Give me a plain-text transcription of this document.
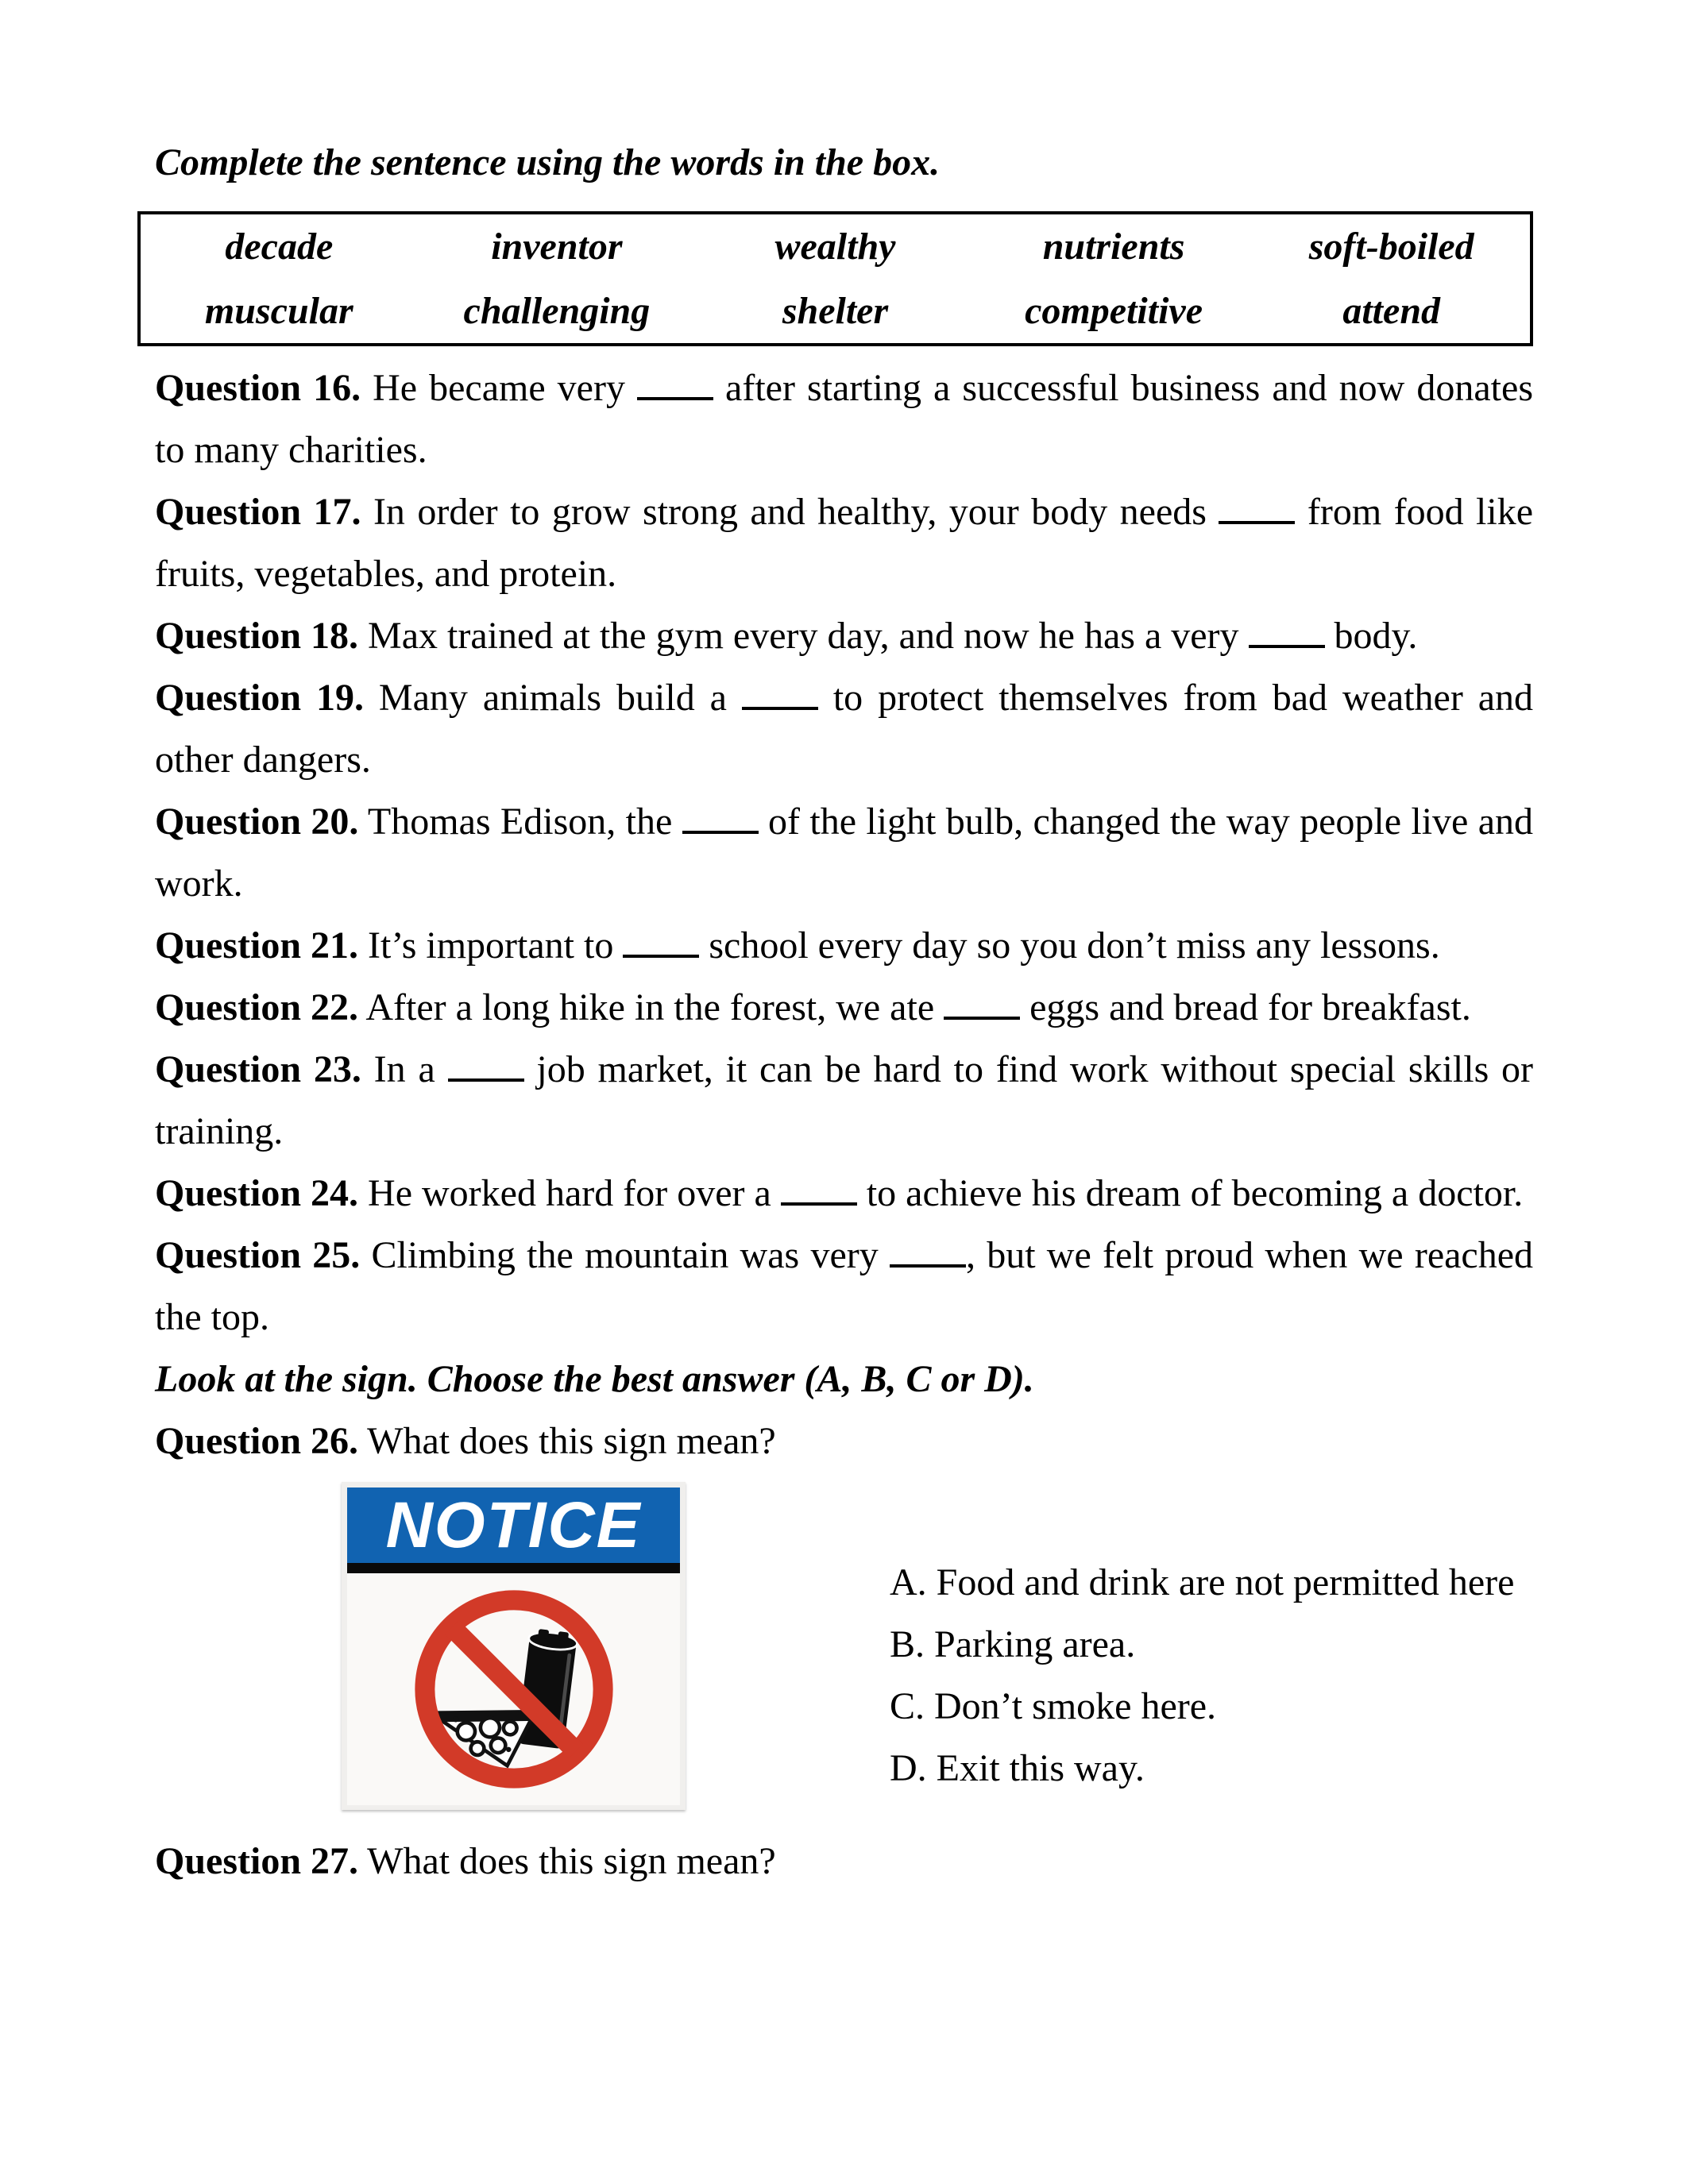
Complete the sentence using the words in the box.

decade	inventor	wealthy	nutrients	soft-boiled
muscular	challenging	shelter	competitive	attend

Question 16. He became very	after starting a successful business and now donates to many charities.

Question 17. In order to grow strong and healthy, your body needs	from food like fruits, vegetables, and protein.

Question 18. Max trained at the gym every day, and now he has a very	body.

Question 19. Many animals build a	to protect themselves from bad weather and other dangers.

Question 20. Thomas Edison, the	of the light bulb, changed the way people live and work.

Question 21. It’s important to	school every day so you don’t miss any lessons.

Question 22. After a long hike in the forest, we ate	eggs and bread for breakfast.

Question 23. In a	job market, it can be hard to find work without special skills or training.

Question 24. He worked hard for over a	to achieve his dream of becoming a doctor.

Question 25. Climbing the mountain was very , but we felt proud when we reached the top.

Look at the sign. Choose the best answer (A, B, C or D).

Question 26. What does this sign mean?

NOTICE

A. Food and drink are not permitted here

B. Parking area.

C. Don’t smoke here.

D. Exit this way.

Question 27. What does this sign mean?
